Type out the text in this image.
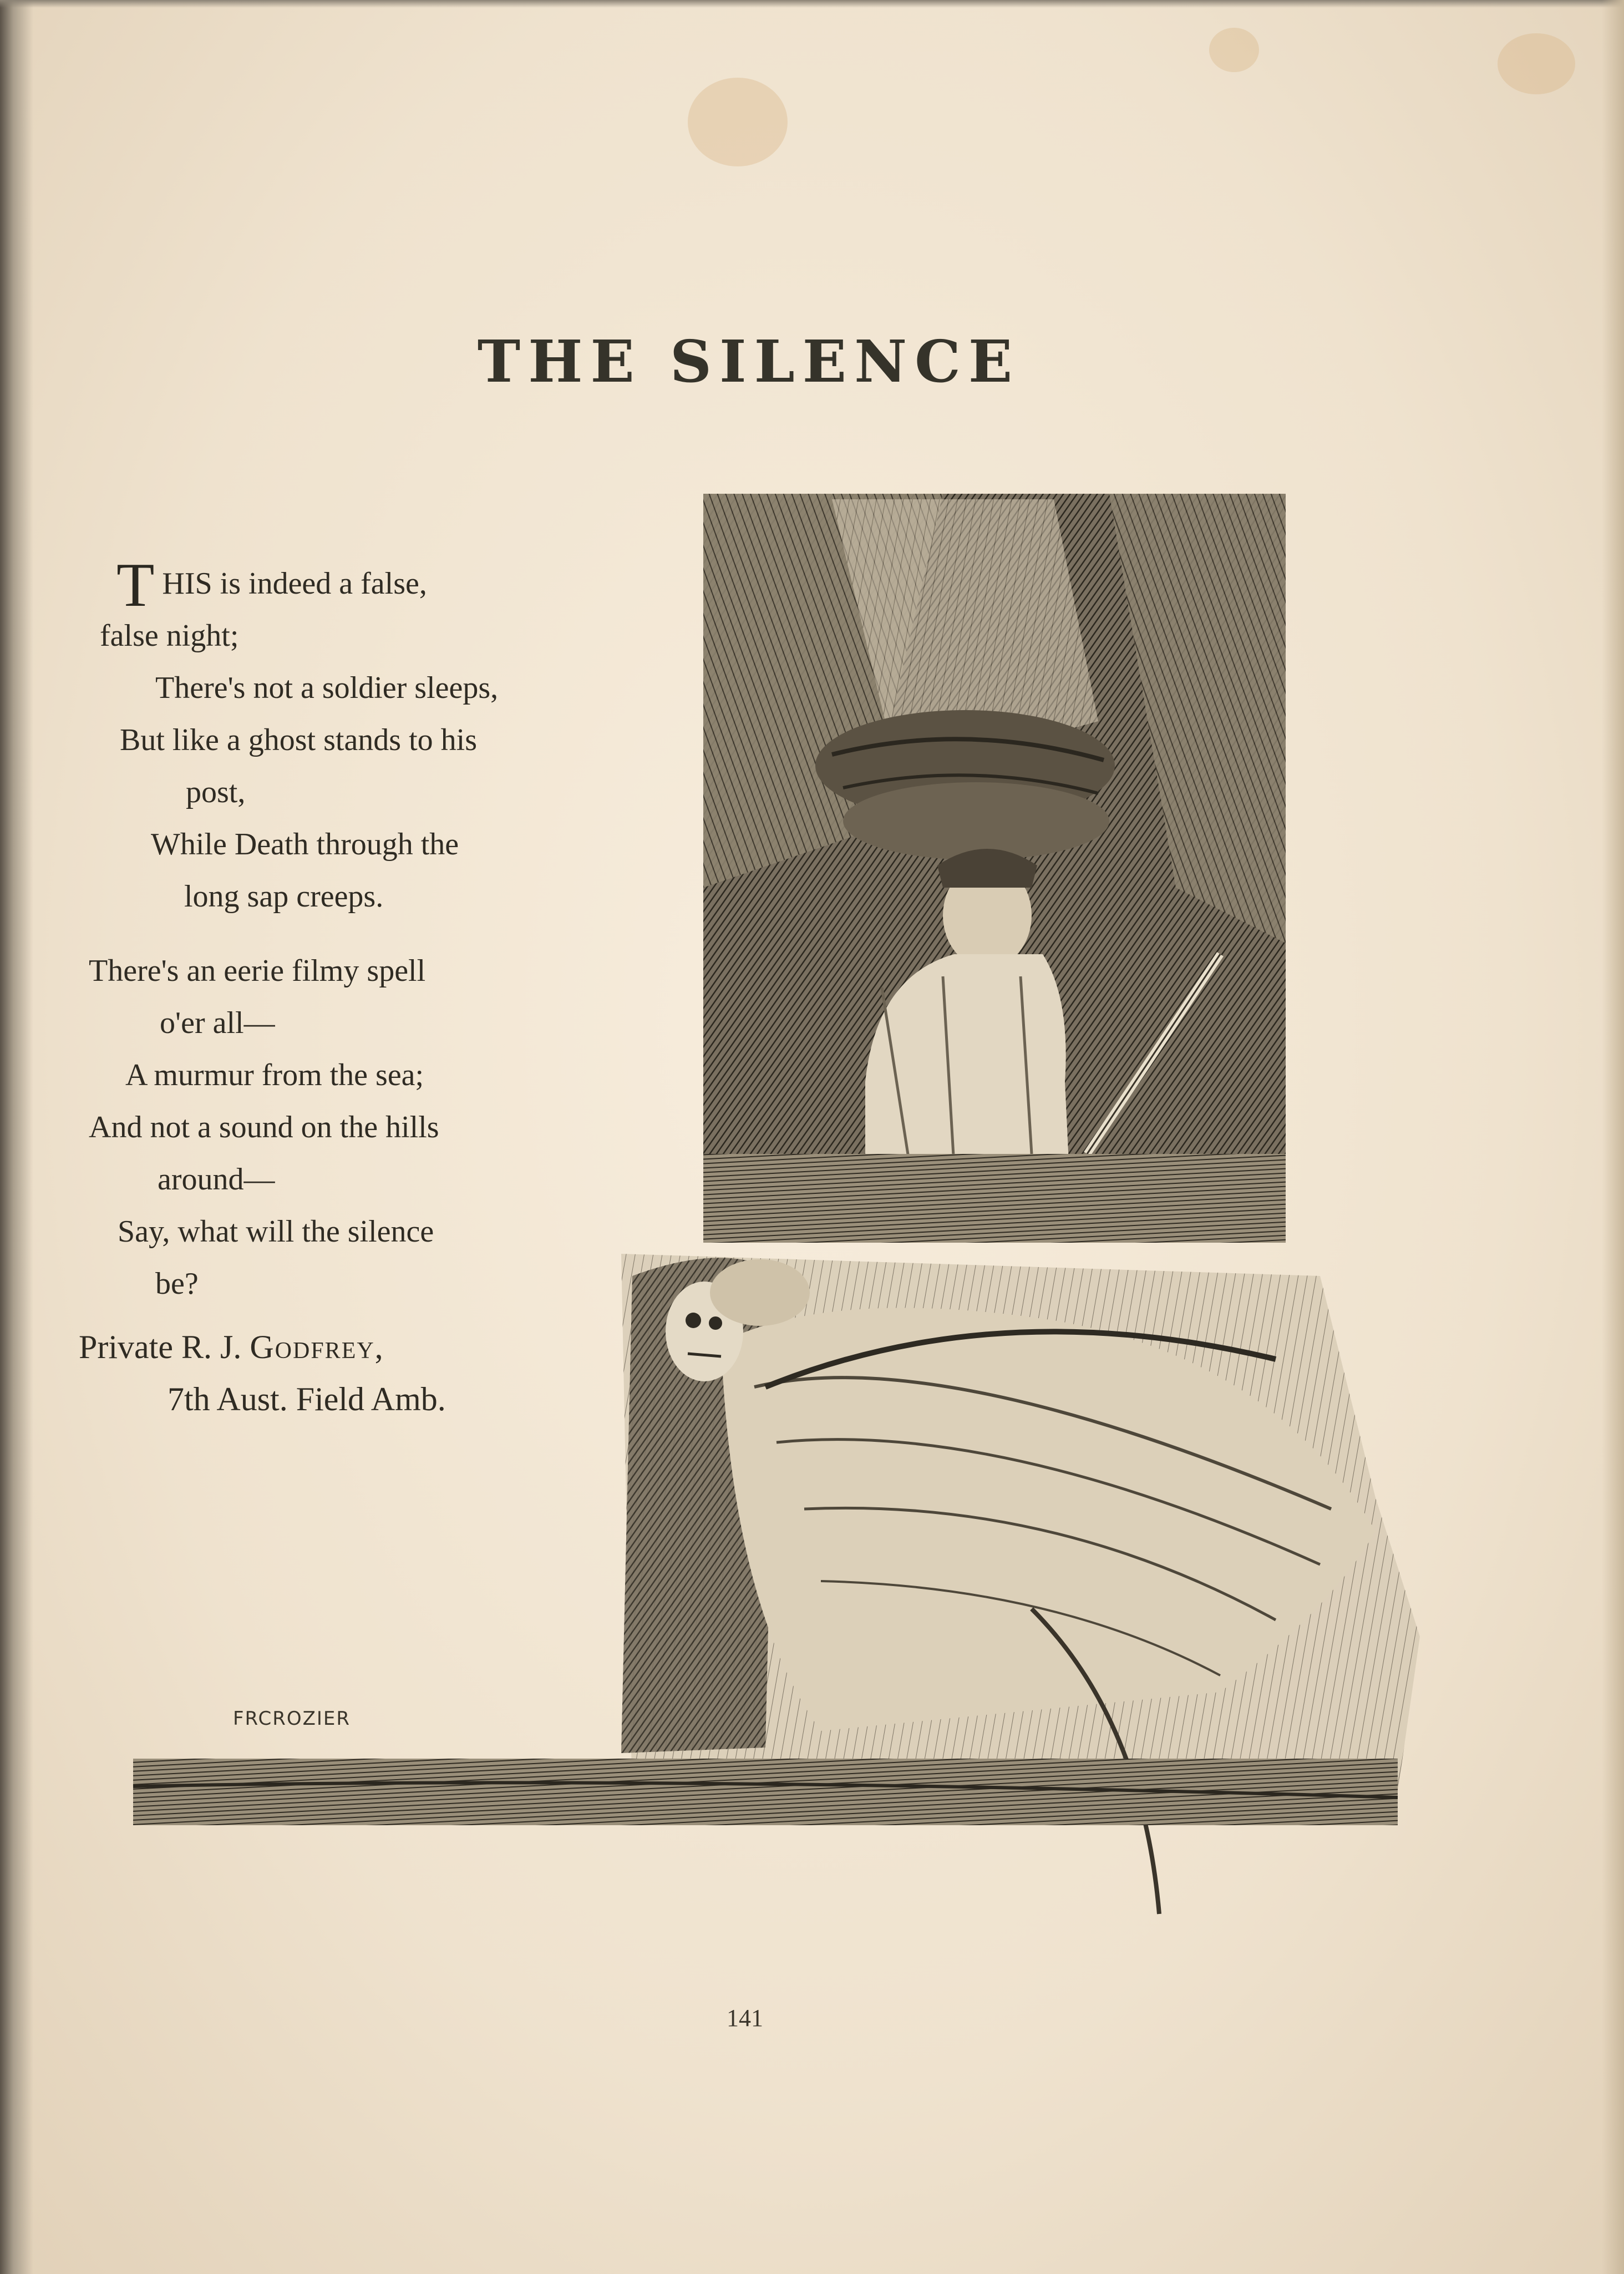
THE SILENCE
T HIS is indeed a false,
false night;
There's not a soldier sleeps,
But like a ghost stands to his
post,
While Death through the
long sap creeps.
There's an eerie filmy spell
o'er all—
A murmur from the sea;
And not a sound on the hills
around—
Say, what will the silence
be?
Private R. J. Godfrey,
7th Aust. Field Amb.
FRCROZIER
141
